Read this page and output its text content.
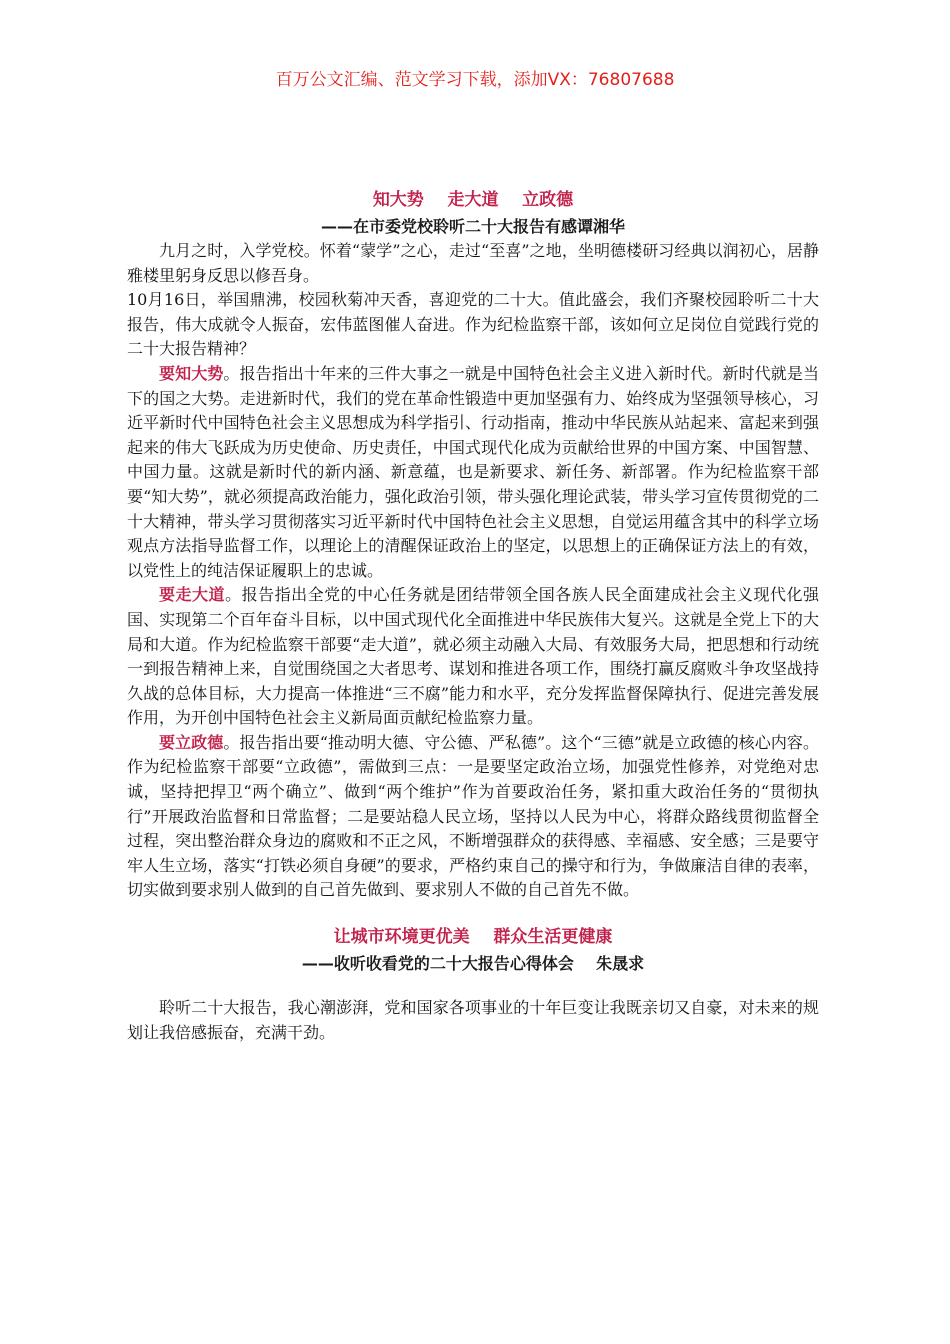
百万公文汇编、范文学习下载，添加VX：76807688
知大势    走大道    立政德
——在市委党校聆听二十大报告有感谭湘华

九月之时，入学党校。怀着“蒙学”之心，走过“至喜”之地，坐明德楼研习经典以润初心，居静雅楼里躬身反思以修吾身。

10月16日，举国鼎沸，校园秋菊冲天香，喜迎党的二十大。值此盛会，我们齐聚校园聆听二十大报告，伟大成就令人振奋，宏伟蓝图催人奋进。作为纪检监察干部，该如何立足岗位自觉践行党的二十大报告精神？

要知大势。报告指出十年来的三件大事之一就是中国特色社会主义进入新时代。新时代就是当下的国之大势。走进新时代，我们的党在革命性锻造中更加坚强有力、始终成为坚强领导核心，习近平新时代中国特色社会主义思想成为科学指引、行动指南，推动中华民族从站起来、富起来到强起来的伟大飞跃成为历史使命、历史责任，中国式现代化成为贡献给世界的中国方案、中国智慧、中国力量。这就是新时代的新内涵、新意蕴，也是新要求、新任务、新部署。作为纪检监察干部要“知大势”，就必须提高政治能力，强化政治引领，带头强化理论武装，带头学习宣传贯彻党的二十大精神，带头学习贯彻落实习近平新时代中国特色社会主义思想，自觉运用蕴含其中的科学立场观点方法指导监督工作，以理论上的清醒保证政治上的坚定，以思想上的正确保证方法上的有效，以党性上的纯洁保证履职上的忠诚。

要走大道。报告指出全党的中心任务就是团结带领全国各族人民全面建成社会主义现代化强国、实现第二个百年奋斗目标，以中国式现代化全面推进中华民族伟大复兴。这就是全党上下的大局和大道。作为纪检监察干部要“走大道”，就必须主动融入大局、有效服务大局，把思想和行动统一到报告精神上来，自觉围绕国之大者思考、谋划和推进各项工作，围绕打赢反腐败斗争攻坚战持久战的总体目标，大力提高一体推进“三不腐”能力和水平，充分发挥监督保障执行、促进完善发展作用，为开创中国特色社会主义新局面贡献纪检监察力量。

要立政德。报告指出要“推动明大德、守公德、严私德”。这个“三德”就是立政德的核心内容。作为纪检监察干部要“立政德”，需做到三点：一是要坚定政治立场，加强党性修养，对党绝对忠诚，坚持把捍卫“两个确立”、做到“两个维护”作为首要政治任务，紧扣重大政治任务的“贯彻执行”开展政治监督和日常监督；二是要站稳人民立场，坚持以人民为中心，将群众路线贯彻监督全过程，突出整治群众身边的腐败和不正之风，不断增强群众的获得感、幸福感、安全感；三是要守牢人生立场，落实“打铁必须自身硬”的要求，严格约束自己的操守和行为，争做廉洁自律的表率，切实做到要求别人做到的自己首先做到、要求别人不做的自己首先不做。

让城市环境更优美    群众生活更健康
——收听收看党的二十大报告心得体会    朱晟求

聆听二十大报告，我心潮澎湃，党和国家各项事业的十年巨变让我既亲切又自豪，对未来的规划让我倍感振奋，充满干劲。
